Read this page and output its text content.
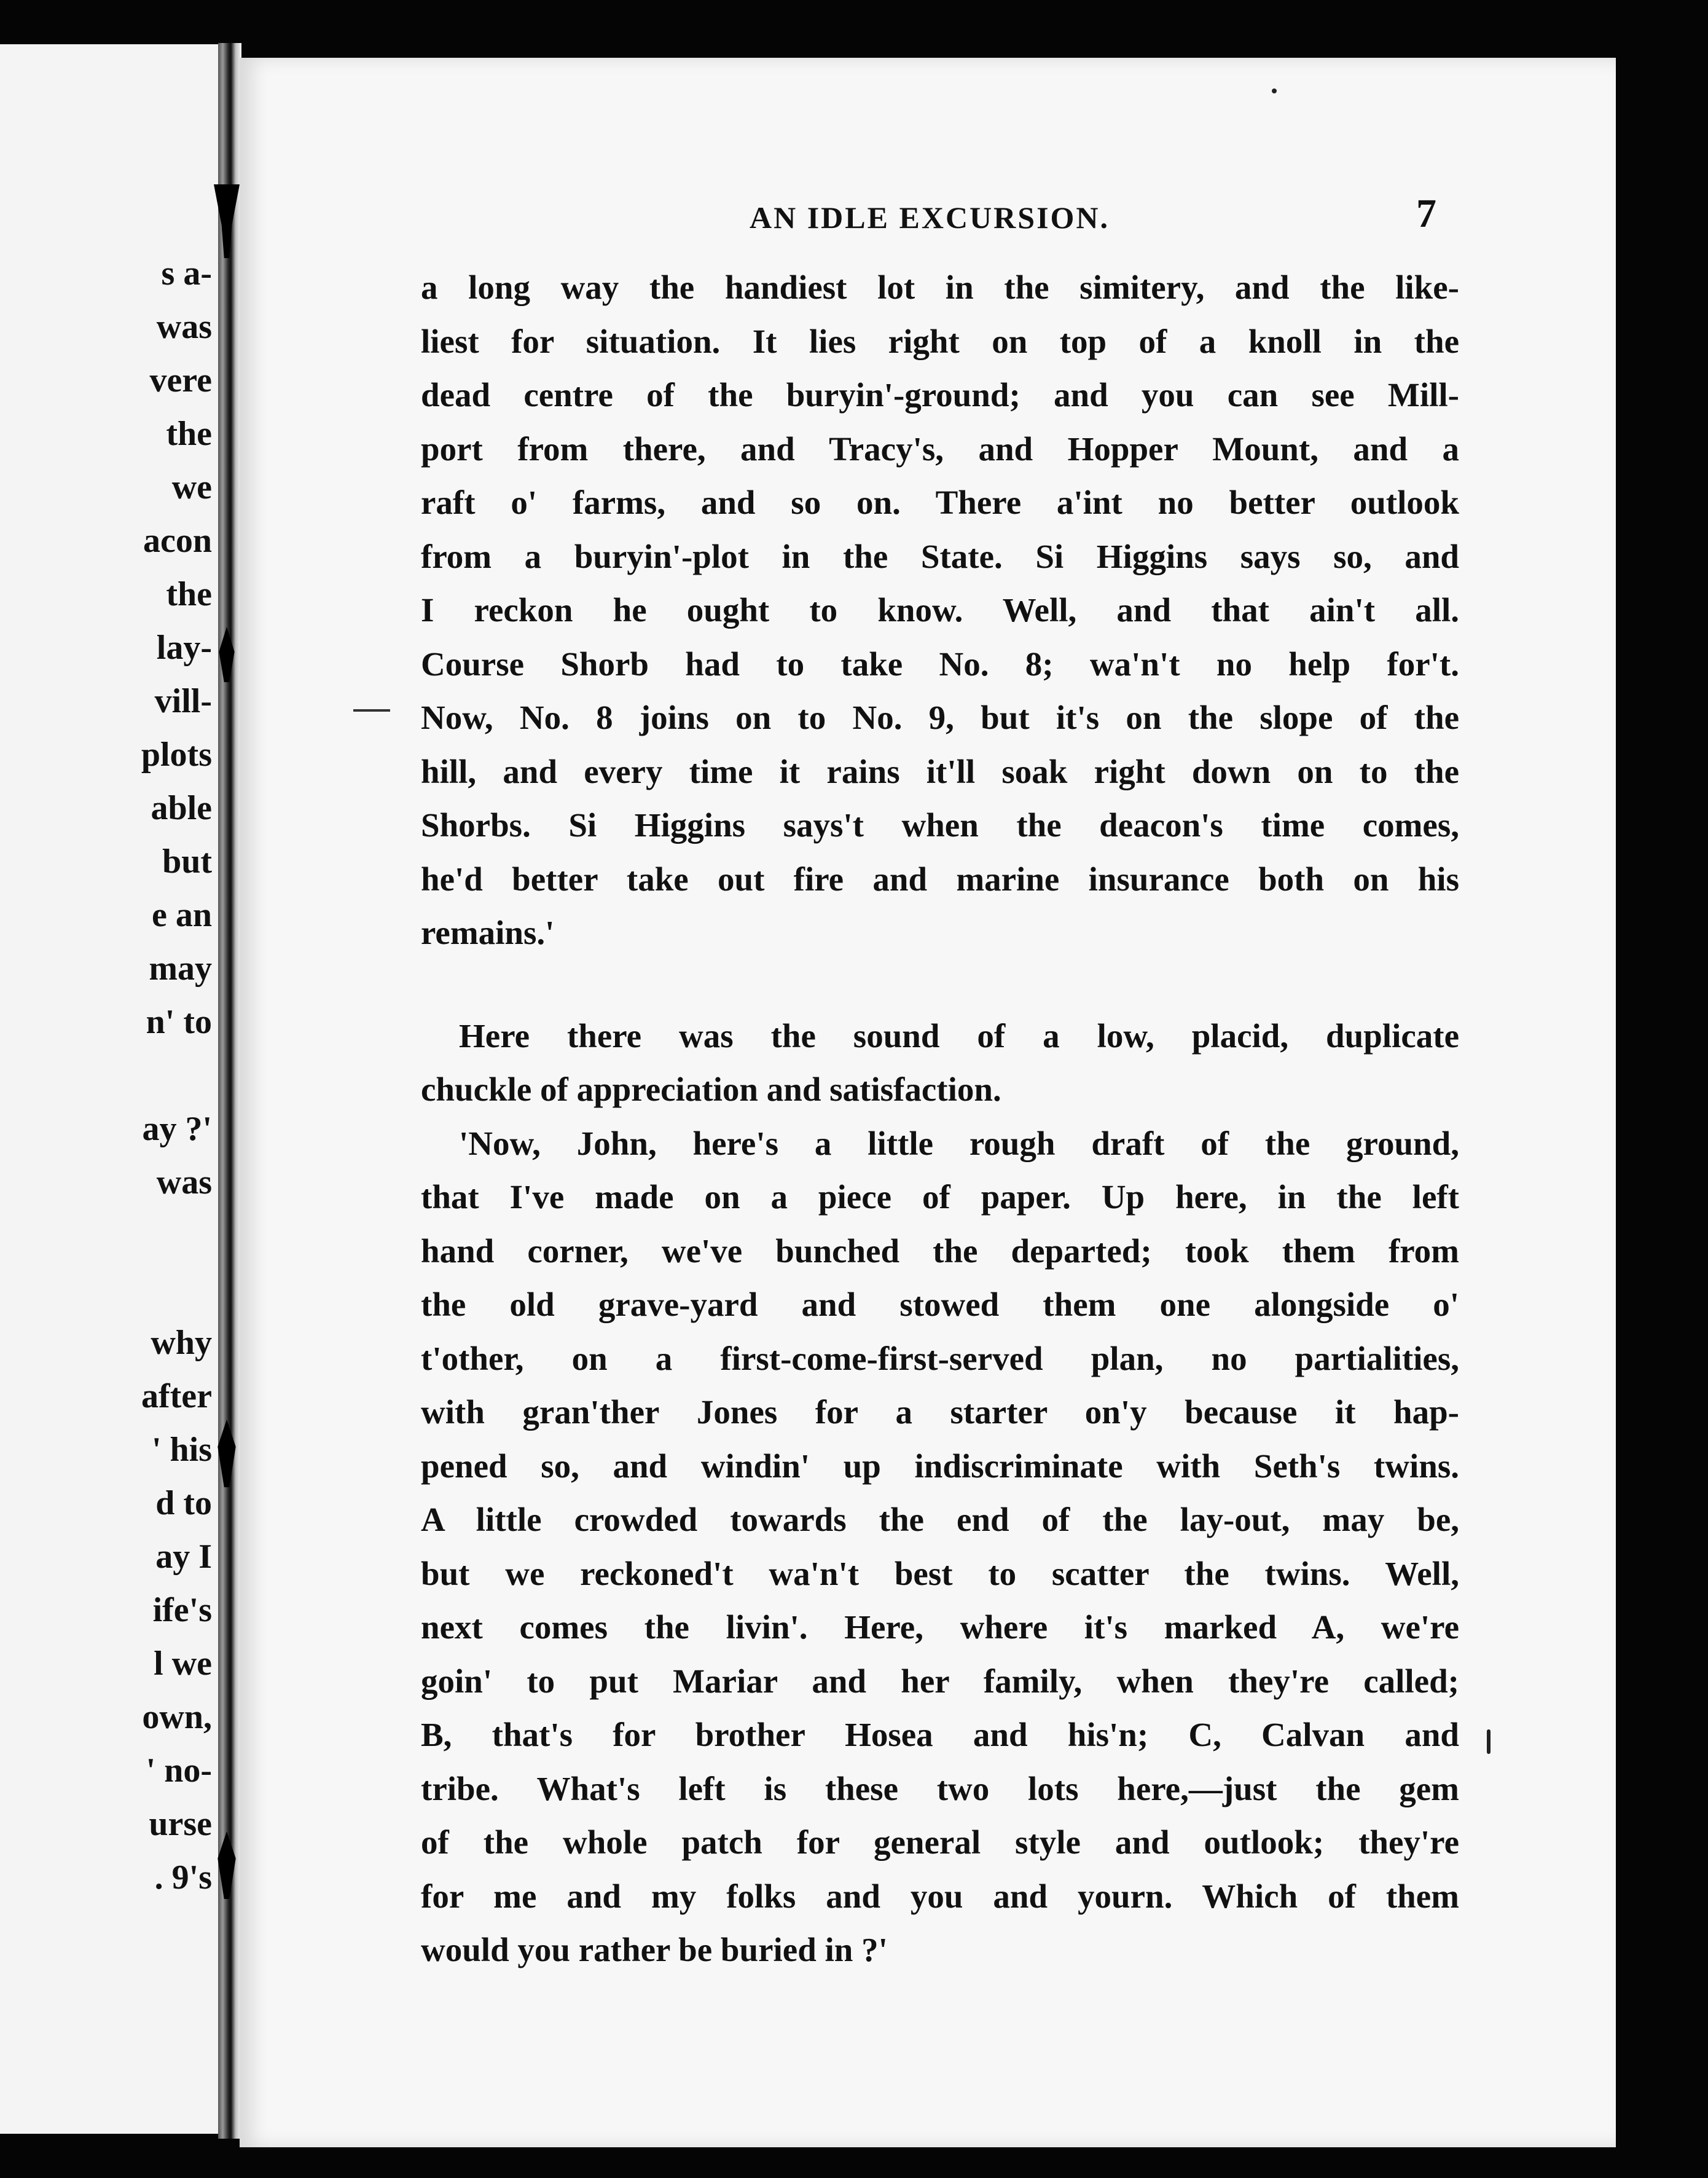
s a-
was
vere
the
we
acon
the
lay-
vill-
plots
able
but
e an
may
n' to
ay ?'
was
why
after
' his
d to
ay I
ife's
l we
own,
' no-
urse
. 9's
AN IDLE EXCURSION.	7
a long way the handiest lot in the simitery, and the like-
liest for situation. It lies right on top of a knoll in the
dead centre of the buryin'-ground; and you can see Mill-
port from there, and Tracy's, and Hopper Mount, and a
raft o' farms, and so on. There a'int no better outlook
from a buryin'-plot in the State. Si Higgins says so, and
I reckon he ought to know. Well, and that ain't all.
Course Shorb had to take No. 8; wa'n't no help for't.
Now, No. 8 joins on to No. 9, but it's on the slope of the
hill, and every time it rains it'll soak right down on to the
Shorbs. Si Higgins says't when the deacon's time comes,
he'd better take out fire and marine insurance both on his
remains.'
Here there was the sound of a low, placid, duplicate
chuckle of appreciation and satisfaction.
'Now, John, here's a little rough draft of the ground,
that I've made on a piece of paper. Up here, in the left
hand corner, we've bunched the departed; took them from
the old grave-yard and stowed them one alongside o'
t'other, on a first-come-first-served plan, no partialities,
with gran'ther Jones for a starter on'y because it hap-
pened so, and windin' up indiscriminate with Seth's twins.
A little crowded towards the end of the lay-out, may be,
but we reckoned't wa'n't best to scatter the twins. Well,
next comes the livin'. Here, where it's marked A, we're
goin' to put Mariar and her family, when they're called;
B, that's for brother Hosea and his'n; C, Calvan and
tribe. What's left is these two lots here,—just the gem
of the whole patch for general style and outlook; they're
for me and my folks and you and yourn. Which of them
would you rather be buried in ?'
